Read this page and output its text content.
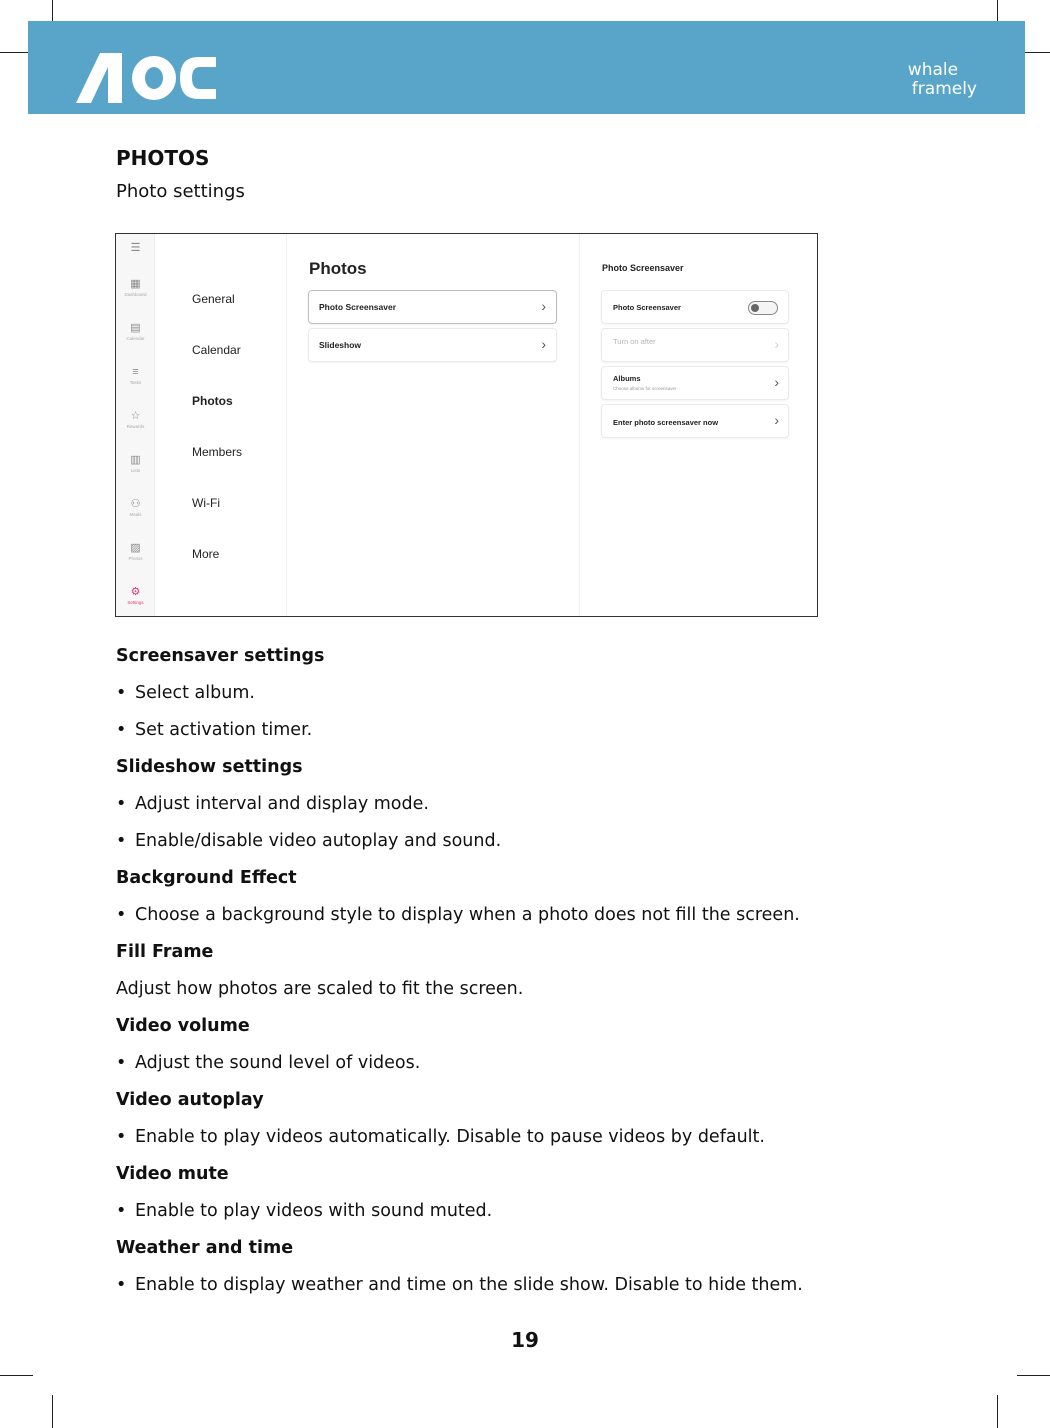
whale
framely
PHOTOS
Photo settings
☰
▦
Dashboard
▤
Calendar
≡
Tasks
☆
Rewards
▥
Lists
⚇
Meals
▨
Photos
⚙
Settings
General
Calendar
Photos
Members
Wi-Fi
More
Photos
Photo Screensaver	›
Slideshow	›
Photo Screensaver
Photo Screensaver
Turn on after	›
Albums
Choose albums for screensaver	›
Enter photo screensaver now	›
Screensaver settings
• Select album.
• Set activation timer.
Slideshow settings
• Adjust interval and display mode.
• Enable/disable video autoplay and sound.
Background Effect
• Choose a background style to display when a photo does not fill the screen.
Fill Frame
Adjust how photos are scaled to fit the screen.
Video volume
• Adjust the sound level of videos.
Video autoplay
• Enable to play videos automatically. Disable to pause videos by default.
Video mute
• Enable to play videos with sound muted.
Weather and time
• Enable to display weather and time on the slide show. Disable to hide them.
19
